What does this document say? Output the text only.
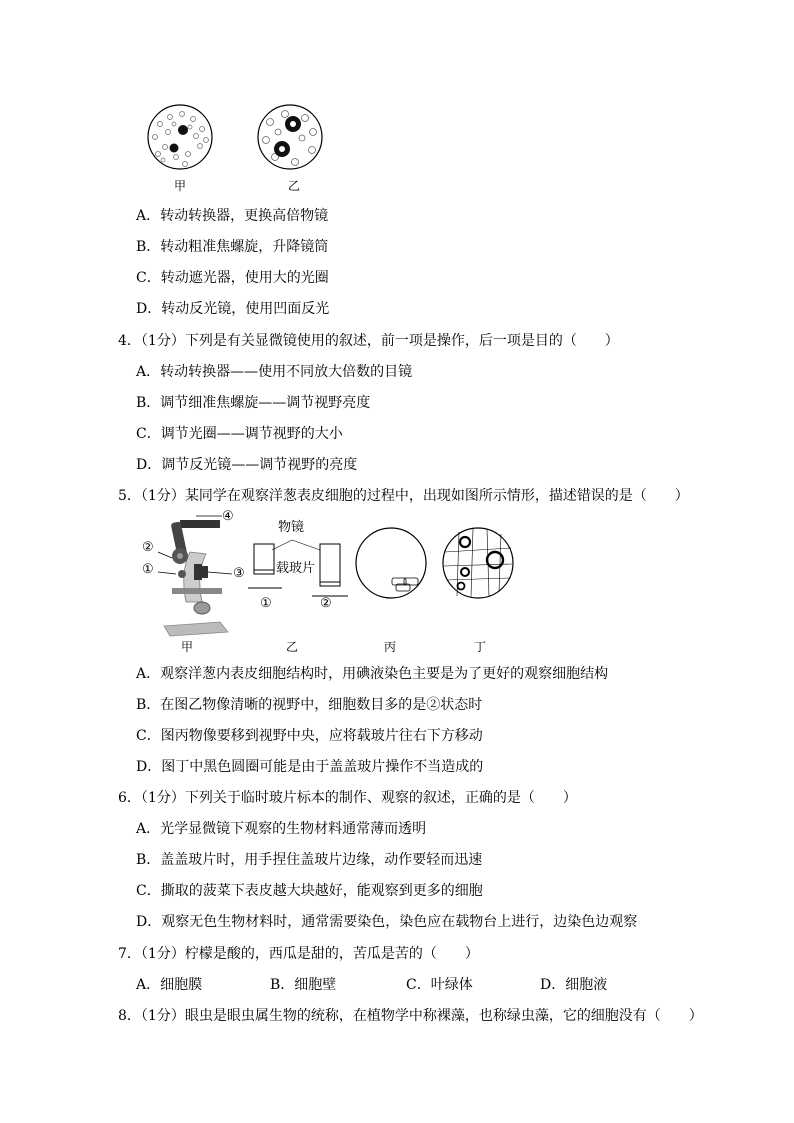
甲	乙
A．转动转换器，更换高倍物镜
B．转动粗准焦螺旋，升降镜筒
C．转动遮光器，使用大的光圈
D．转动反光镜，使用凹面反光
4．（1分）下列是有关显微镜使用的叙述，前一项是操作，后一项是目的（　　）
A．转动转换器——使用不同放大倍数的目镜
B．调节细准焦螺旋——调节视野亮度
C．调节光圈——调节视野的大小
D．调节反光镜——调节视野的亮度
5．（1分）某同学在观察洋葱表皮细胞的过程中，出现如图所示情形，描述错误的是（　　）
④
②
①	③
物镜
载玻片
①	②
甲	乙	丙	丁
A．观察洋葱内表皮细胞结构时，用碘液染色主要是为了更好的观察细胞结构
B．在图乙物像清晰的视野中，细胞数目多的是②状态时
C．图丙物像要移到视野中央，应将载玻片往右下方移动
D．图丁中黑色圆圈可能是由于盖盖玻片操作不当造成的
6．（1分）下列关于临时玻片标本的制作、观察的叙述，正确的是（　　）
A．光学显微镜下观察的生物材料通常薄而透明
B．盖盖玻片时，用手捏住盖玻片边缘，动作要轻而迅速
C．撕取的菠菜下表皮越大块越好，能观察到更多的细胞
D．观察无色生物材料时，通常需要染色，染色应在载物台上进行，边染色边观察
7．（1分）柠檬是酸的，西瓜是甜的，苦瓜是苦的（　　）
A．细胞膜	B．细胞壁	C．叶绿体	D．细胞液
8．（1分）眼虫是眼虫属生物的统称，在植物学中称裸藻，也称绿虫藻，它的细胞没有（　　）
